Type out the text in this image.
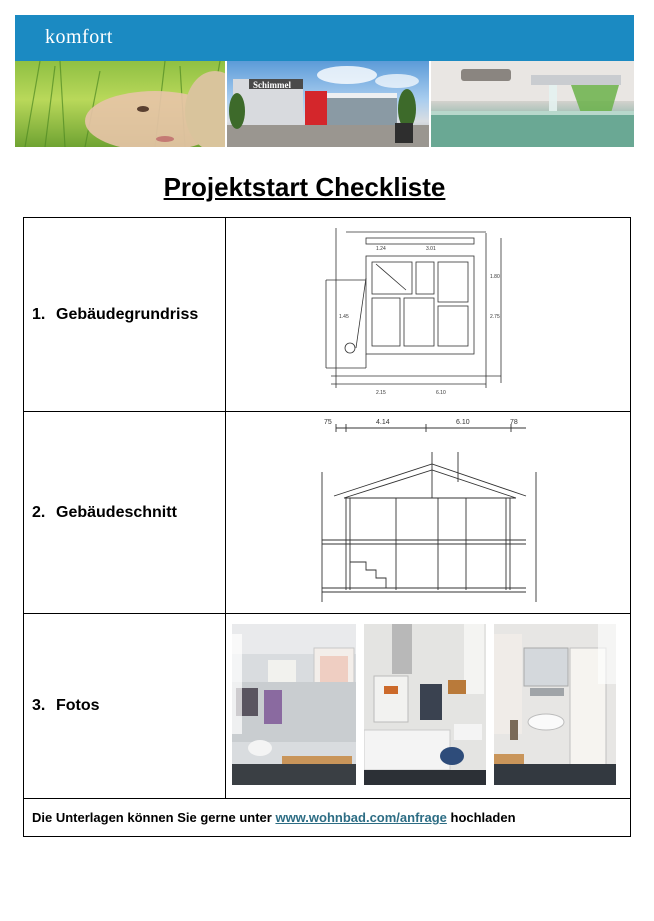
komfort
Schimmel
Projektstart Checkliste
1. Gebäudegrundriss
1.24	3.01
2.15	6.10
1.80
2.75
1.45
2. Gebäudeschnitt
75	4.14	6.10	78
3. Fotos
Die Unterlagen können Sie gerne unter www.wohnbad.com/anfrage hochladen
